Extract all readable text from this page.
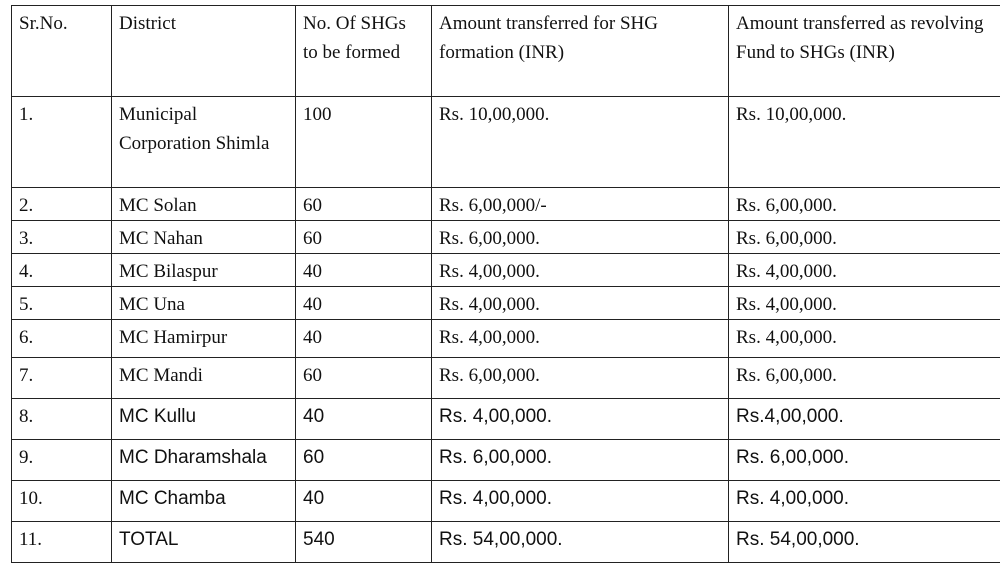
Sr.No.	District	No. Of SHGs to be formed	Amount transferred for SHG formation (INR)	Amount transferred as revolving Fund to SHGs (INR)
1.	Municipal Corporation Shimla	100	Rs. 10,00,000.	Rs. 10,00,000.
2.	MC Solan	60	Rs. 6,00,000/-	Rs. 6,00,000.
3.	MC Nahan	60	Rs. 6,00,000.	Rs. 6,00,000.
4.	MC Bilaspur	40	Rs. 4,00,000.	Rs. 4,00,000.
5.	MC Una	40	Rs. 4,00,000.	Rs. 4,00,000.
6.	MC Hamirpur	40	Rs. 4,00,000.	Rs. 4,00,000.
7.	MC Mandi	60	Rs. 6,00,000.	Rs. 6,00,000.
8.	MC Kullu	40	Rs. 4,00,000.	Rs.4,00,000.
9.	MC Dharamshala	60	Rs. 6,00,000.	Rs. 6,00,000.
10.	MC Chamba	40	Rs. 4,00,000.	Rs. 4,00,000.
11.	TOTAL	540	Rs. 54,00,000.	Rs. 54,00,000.
